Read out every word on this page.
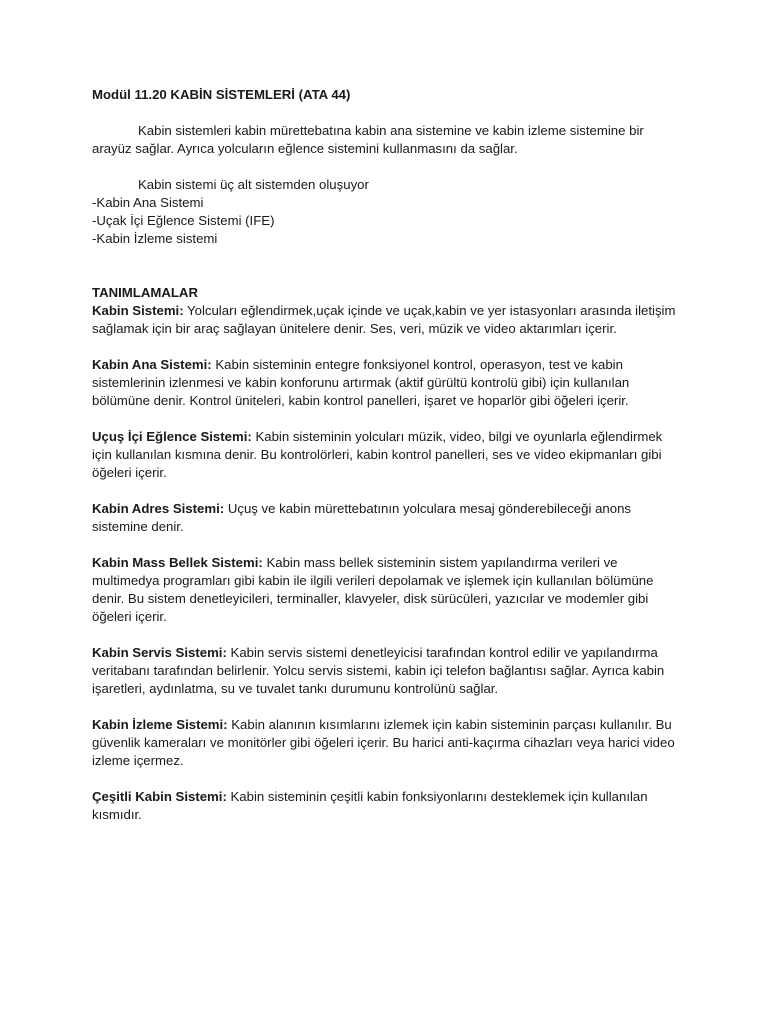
Modül 11.20 KABİN SİSTEMLERİ (ATA 44)

Kabin sistemleri kabin mürettebatına kabin ana sistemine ve kabin izleme sistemine bir arayüz sağlar. Ayrıca yolcuların eğlence sistemini kullanmasını da sağlar.

Kabin sistemi üç alt sistemden oluşuyor

-Kabin Ana Sistemi

-Uçak İçi Eğlence Sistemi (IFE)

-Kabin İzleme sistemi

TANIMLAMALAR

Kabin Sistemi: Yolcuları eğlendirmek,uçak içinde ve uçak,kabin ve yer istasyonları arasında iletişim sağlamak için bir araç sağlayan ünitelere denir. Ses, veri, müzik ve video aktarımları içerir.

Kabin Ana Sistemi: Kabin sisteminin entegre fonksiyonel kontrol, operasyon, test ve kabin sistemlerinin izlenmesi ve kabin konforunu artırmak (aktif gürültü kontrolü gibi) için kullanılan bölümüne denir. Kontrol üniteleri, kabin kontrol panelleri, işaret ve hoparlör gibi öğeleri içerir.

Uçuş İçi Eğlence Sistemi: Kabin sisteminin yolcuları müzik, video, bilgi ve oyunlarla eğlendirmek için kullanılan kısmına denir. Bu kontrolörleri, kabin kontrol panelleri, ses ve video ekipmanları gibi öğeleri içerir.

Kabin Adres Sistemi: Uçuş ve kabin mürettebatının yolculara mesaj gönderebileceği anons sistemine denir.

Kabin Mass Bellek Sistemi: Kabin mass bellek sisteminin sistem yapılandırma verileri ve multimedya programları gibi kabin ile ilgili verileri depolamak ve işlemek için kullanılan bölümüne denir. Bu sistem denetleyicileri, terminaller, klavyeler, disk sürücüleri, yazıcılar ve modemler gibi öğeleri içerir.

Kabin Servis Sistemi: Kabin servis sistemi denetleyicisi tarafından kontrol edilir ve yapılandırma veritabanı tarafından belirlenir. Yolcu servis sistemi, kabin içi telefon bağlantısı sağlar. Ayrıca kabin işaretleri, aydınlatma, su ve tuvalet tankı durumunu kontrolünü sağlar.

Kabin İzleme Sistemi: Kabin alanının kısımlarını izlemek için kabin sisteminin parçası kullanılır. Bu güvenlik kameraları ve monitörler gibi öğeleri içerir. Bu harici anti-kaçırma cihazları veya harici video izleme içermez.

Çeşitli Kabin Sistemi: Kabin sisteminin çeşitli kabin fonksiyonlarını desteklemek için kullanılan kısmıdır.
